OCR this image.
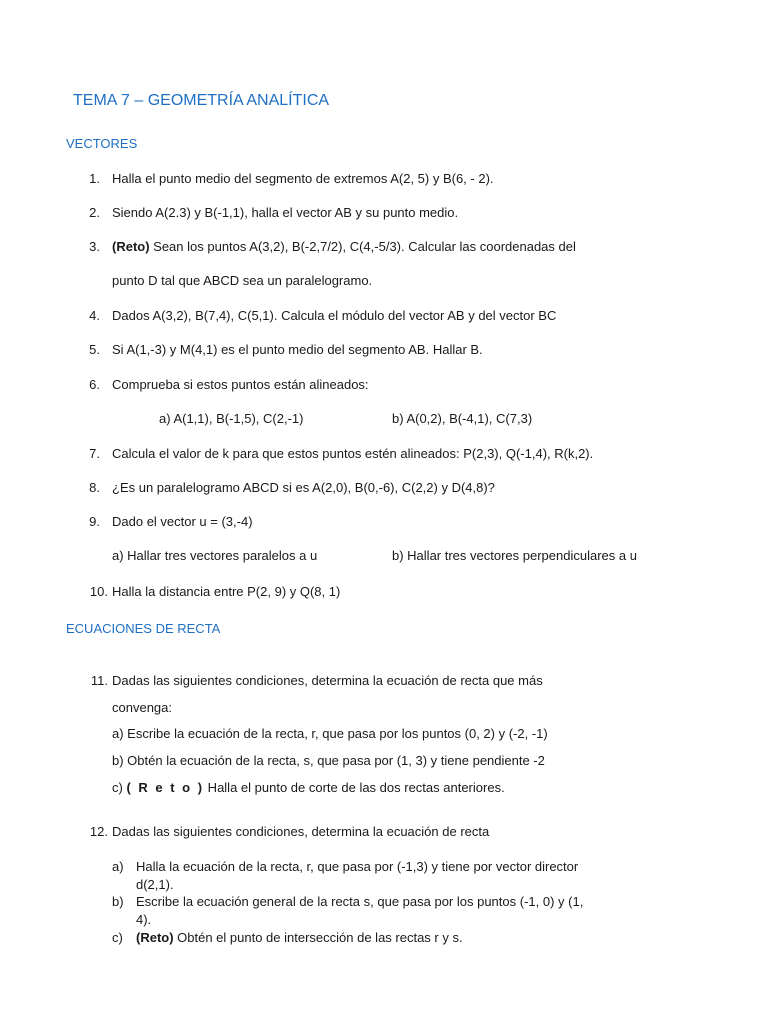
TEMA 7 – GEOMETRÍA ANALÍTICA
VECTORES
1. Halla el punto medio del segmento de extremos A(2, 5) y B(6, - 2).
2. Siendo A(2.3) y B(-1,1), halla el vector AB y su punto medio.
3. (Reto) Sean los puntos A(3,2), B(-2,7/2), C(4,-5/3). Calcular las coordenadas del
punto D tal que ABCD sea un paralelogramo.
4. Dados A(3,2), B(7,4), C(5,1). Calcula el módulo del vector AB y del vector BC
5. Si A(1,-3) y M(4,1) es el punto medio del segmento AB. Hallar B.
6. Comprueba si estos puntos están alineados:
a) A(1,1), B(-1,5), C(2,-1)	b) A(0,2), B(-4,1), C(7,3)
7. Calcula el valor de k para que estos puntos estén alineados: P(2,3), Q(-1,4), R(k,2).
8. ¿Es un paralelogramo ABCD si es A(2,0), B(0,-6), C(2,2) y D(4,8)?
9. Dado el vector u = (3,-4)
a) Hallar tres vectores paralelos a u	b) Hallar tres vectores perpendiculares a u
10. Halla la distancia entre P(2, 9) y Q(8, 1)
ECUACIONES DE RECTA
11. Dadas las siguientes condiciones, determina la ecuación de recta que más
convenga:
a) Escribe la ecuación de la recta, r, que pasa por los puntos (0, 2) y (-2, -1)
b) Obtén la ecuación de la recta, s, que pasa por (1, 3) y tiene pendiente -2
c) ( R e t o ) Halla el punto de corte de las dos rectas anteriores.
12. Dadas las siguientes condiciones, determina la ecuación de recta
a) Halla la ecuación de la recta, r, que pasa por (-1,3) y tiene por vector director
d(2,1).
b) Escribe la ecuación general de la recta s, que pasa por los puntos (-1, 0) y (1,
4).
c) (Reto) Obtén el punto de intersección de las rectas r y s.
